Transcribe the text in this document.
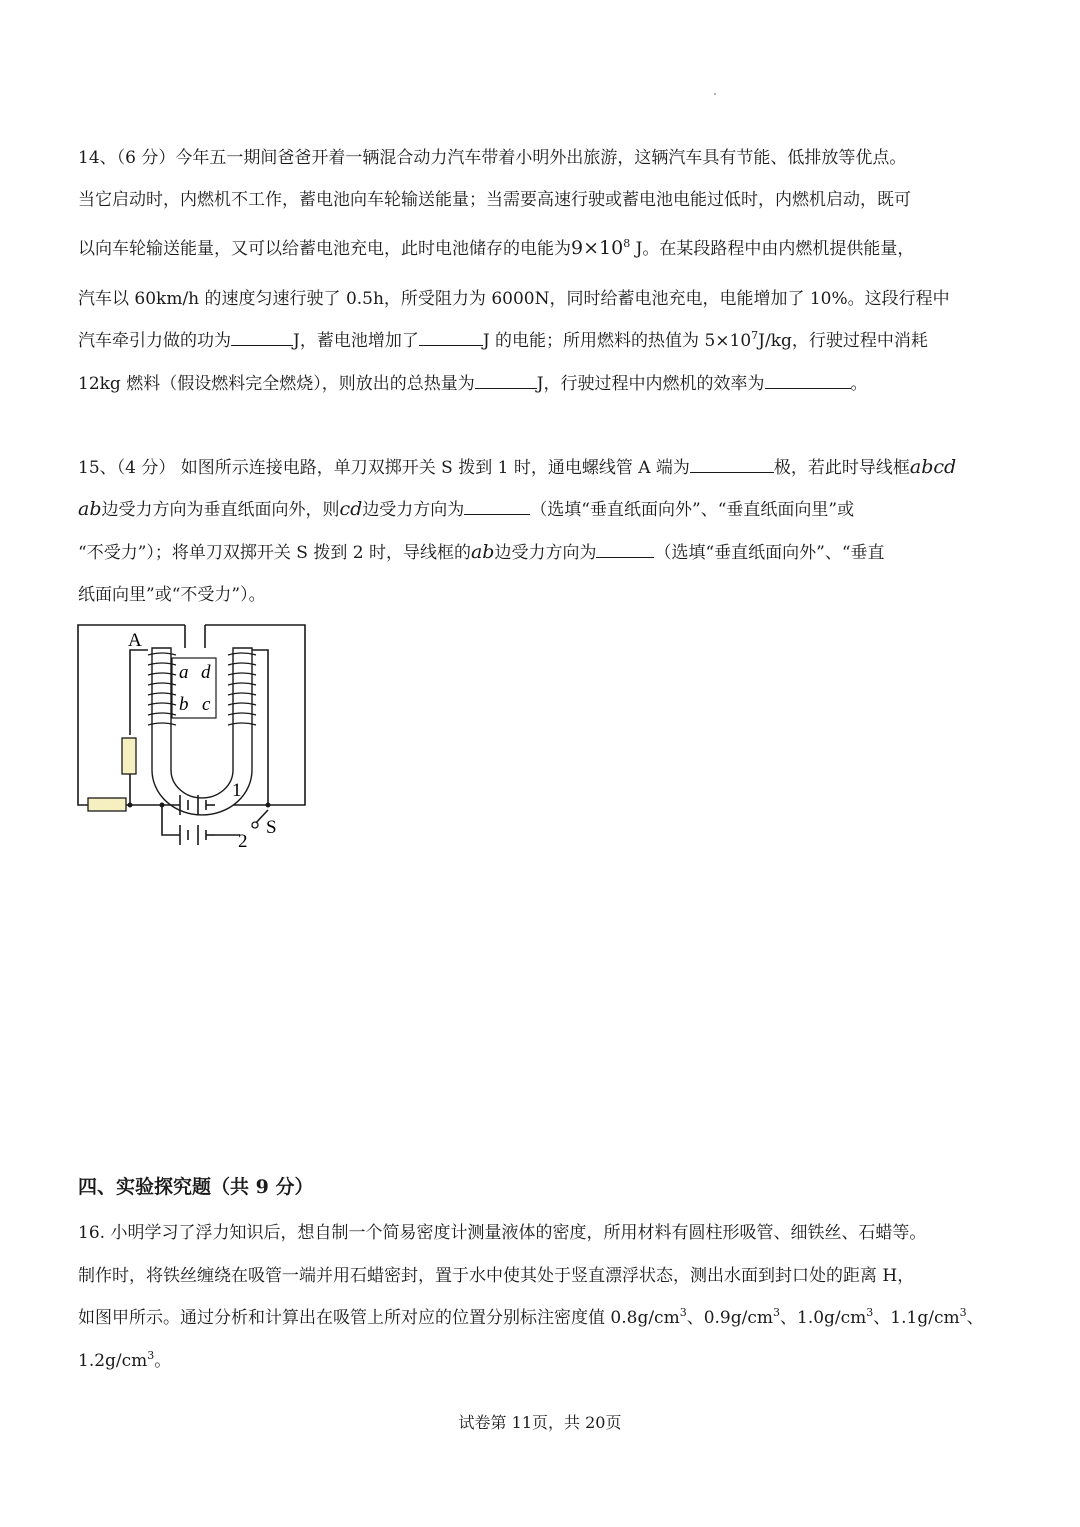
14、（6 分）今年五一期间爸爸开着一辆混合动力汽车带着小明外出旅游，这辆汽车具有节能、低排放等优点。
当它启动时，内燃机不工作，蓄电池向车轮输送能量；当需要高速行驶或蓄电池电能过低时，内燃机启动，既可
以向车轮输送能量，又可以给蓄电池充电，此时电池储存的电能为$9\times 10^8$ J。在某段路程中由内燃机提供能量，
汽车以 60km/h 的速度匀速行驶了 0.5h，所受阻力为 6000N，同时给蓄电池充电，电能增加了 10%。这段行程中
汽车牵引力做的功为	J，蓄电池增加了	J 的电能；所用燃料的热值为 $5\times 10^7J/kg$，行驶过程中消耗
12kg 燃料（假设燃料完全燃烧），则放出的总热量为	J，行驶过程中内燃机的效率为	。
15、（4 分） 如图所示连接电路，单刀双掷开关 S 拨到 1 时，通电螺线管 A 端为	极，若此时导线框abcd
ab边受力方向为垂直纸面向外，则cd边受力方向为	（选填“垂直纸面向外”、“垂直纸面向里”或
“不受力”）；将单刀双掷开关 S 拨到 2 时，导线框的ab边受力方向为	（选填“垂直纸面向外”、“垂直
纸面向里”或“不受力”）。
A
a d
b c
1
2
S
四、实验探究题（共 9 分）
16. 小明学习了浮力知识后，想自制一个简易密度计测量液体的密度，所用材料有圆柱形吸管、细铁丝、石蜡等。
制作时，将铁丝缠绕在吸管一端并用石蜡密封，置于水中使其处于竖直漂浮状态，测出水面到封口处的距离 H，
如图甲所示。通过分析和计算出在吸管上所对应的位置分别标注密度值 $0.8g/cm^3$、$0.9g/cm^3$、$1.0g/cm^3$、$1.1g/cm^3$、
$1.2g/cm^3$。
试卷第 11页，共 20页
